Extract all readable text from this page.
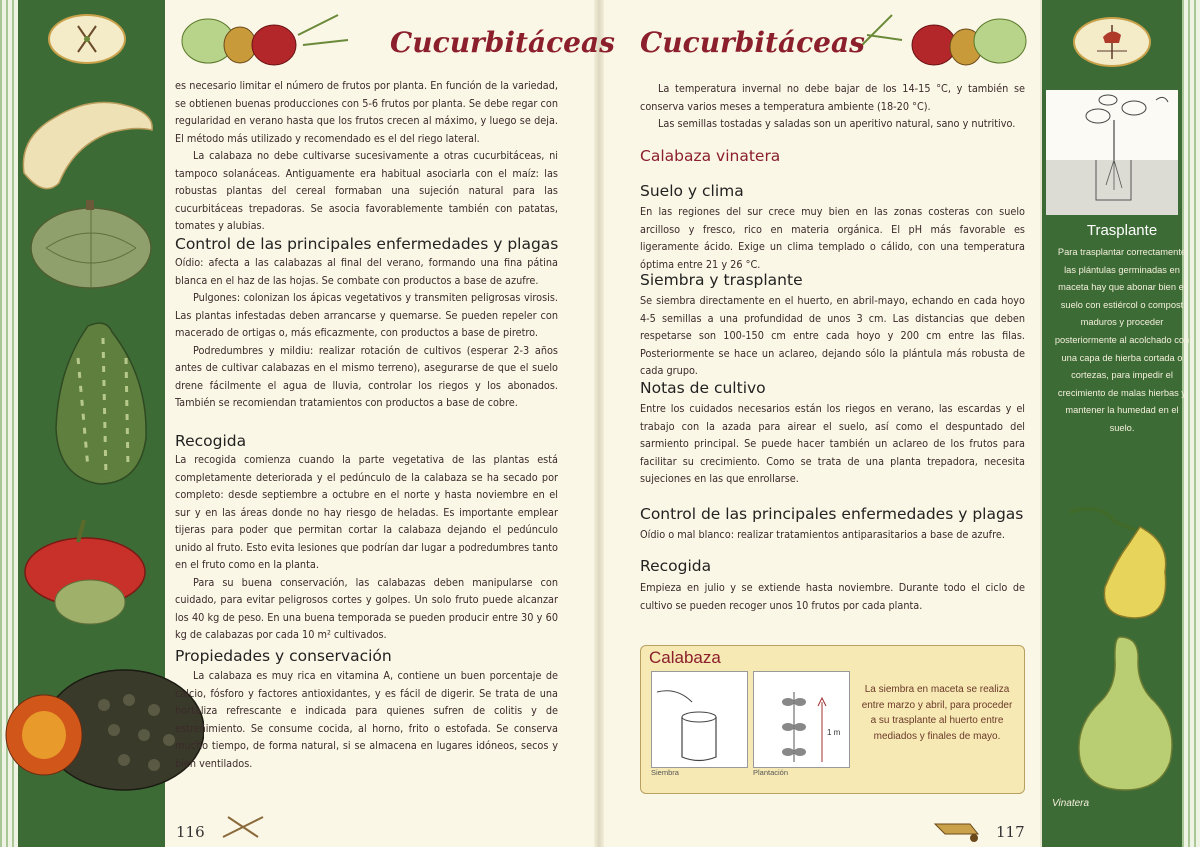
Cucurbitáceas

es necesario limitar el número de frutos por planta. En función de la variedad, se obtienen buenas producciones con 5-6 frutos por planta. Se debe regar con regularidad en verano hasta que los frutos crecen al máximo, y luego se deja. El método más utilizado y recomendado es el del riego lateral.

La calabaza no debe cultivarse sucesivamente a otras cucurbitáceas, ni tampoco solanáceas. Antiguamente era habitual asociarla con el maíz: las robustas plantas del cereal formaban una sujeción natural para las cucurbitáceas trepadoras. Se asocia favorablemente también con patatas, tomates y alubias.

Control de las principales enfermedades y plagas

Oídio: afecta a las calabazas al final del verano, formando una fina pátina blanca en el haz de las hojas. Se combate con productos a base de azufre.

Pulgones: colonizan los ápicas vegetativos y transmiten peligrosas virosis. Las plantas infestadas deben arrancarse y quemarse. Se pueden repeler con macerado de ortigas o, más eficazmente, con productos a base de piretro.

Podredumbres y mildiu: realizar rotación de cultivos (esperar 2-3 años antes de cultivar calabazas en el mismo terreno), asegurarse de que el suelo drene fácilmente el agua de lluvia, controlar los riegos y los abonados. También se recomiendan tratamientos con productos a base de cobre.

Recogida

La recogida comienza cuando la parte vegetativa de las plantas está completamente deteriorada y el pedúnculo de la calabaza se ha secado por completo: desde septiembre a octubre en el norte y hasta noviembre en el sur y en las áreas donde no hay riesgo de heladas. Es importante emplear tijeras para poder que permitan cortar la calabaza dejando el pedúnculo unido al fruto. Esto evita lesiones que podrían dar lugar a podredumbres tanto en el fruto como en la planta.

Para su buena conservación, las calabazas deben manipularse con cuidado, para evitar peligrosos cortes y golpes. Un solo fruto puede alcanzar los 40 kg de peso. En una buena temporada se pueden producir entre 30 y 60 kg de calabazas por cada 10 m² cultivados.

Propiedades y conservación

La calabaza es muy rica en vitamina A, contiene un buen porcentaje de calcio, fósforo y factores antioxidantes, y es fácil de digerir. Se trata de una hortaliza refrescante e indicada para quienes sufren de colitis y de estreñimiento. Se consume cocida, al horno, frito o estofada. Se conserva mucho tiempo, de forma natural, si se almacena en lugares idóneos, secos y bien ventilados.

116
Cucurbitáceas

La temperatura invernal no debe bajar de los 14-15 °C, y también se conserva varios meses a temperatura ambiente (18-20 °C).

Las semillas tostadas y saladas son un aperitivo natural, sano y nutritivo.

Calabaza vinatera
Suelo y clima

En las regiones del sur crece muy bien en las zonas costeras con suelo arcilloso y fresco, rico en materia orgánica. El pH más favorable es ligeramente ácido. Exige un clima templado o cálido, con una temperatura óptima entre 21 y 26 °C.

Siembra y trasplante

Se siembra directamente en el huerto, en abril-mayo, echando en cada hoyo 4-5 semillas a una profundidad de unos 3 cm. Las distancias que deben respetarse son 100-150 cm entre cada hoyo y 200 cm entre las filas. Posteriormente se hace un aclareo, dejando sólo la plántula más robusta de cada grupo.

Notas de cultivo

Entre los cuidados necesarios están los riegos en verano, las escardas y el trabajo con la azada para airear el suelo, así como el despuntado del sarmiento principal. Se puede hacer también un aclareo de los frutos para facilitar su crecimiento. Como se trata de una planta trepadora, necesita sujeciones en las que enrollarse.

Control de las principales enfermedades y plagas

Oídio o mal blanco: realizar tratamientos antiparasitarios a base de azufre.

Recogida

Empieza en julio y se extiende hasta noviembre. Durante todo el ciclo de cultivo se pueden recoger unos 10 frutos por cada planta.

Calabaza
Siembra
1 m
Plantación
La siembra en maceta se realiza entre marzo y abril, para proceder a su trasplante al huerto entre mediados y finales de mayo.
117
Trasplante
Para trasplantar correctamente las plántulas germinadas en maceta hay que abonar bien el suelo con estiércol o compost maduros y proceder posteriormente al acolchado con una capa de hierba cortada o cortezas, para impedir el crecimiento de malas hierbas y mantener la humedad en el suelo.
Vinatera
